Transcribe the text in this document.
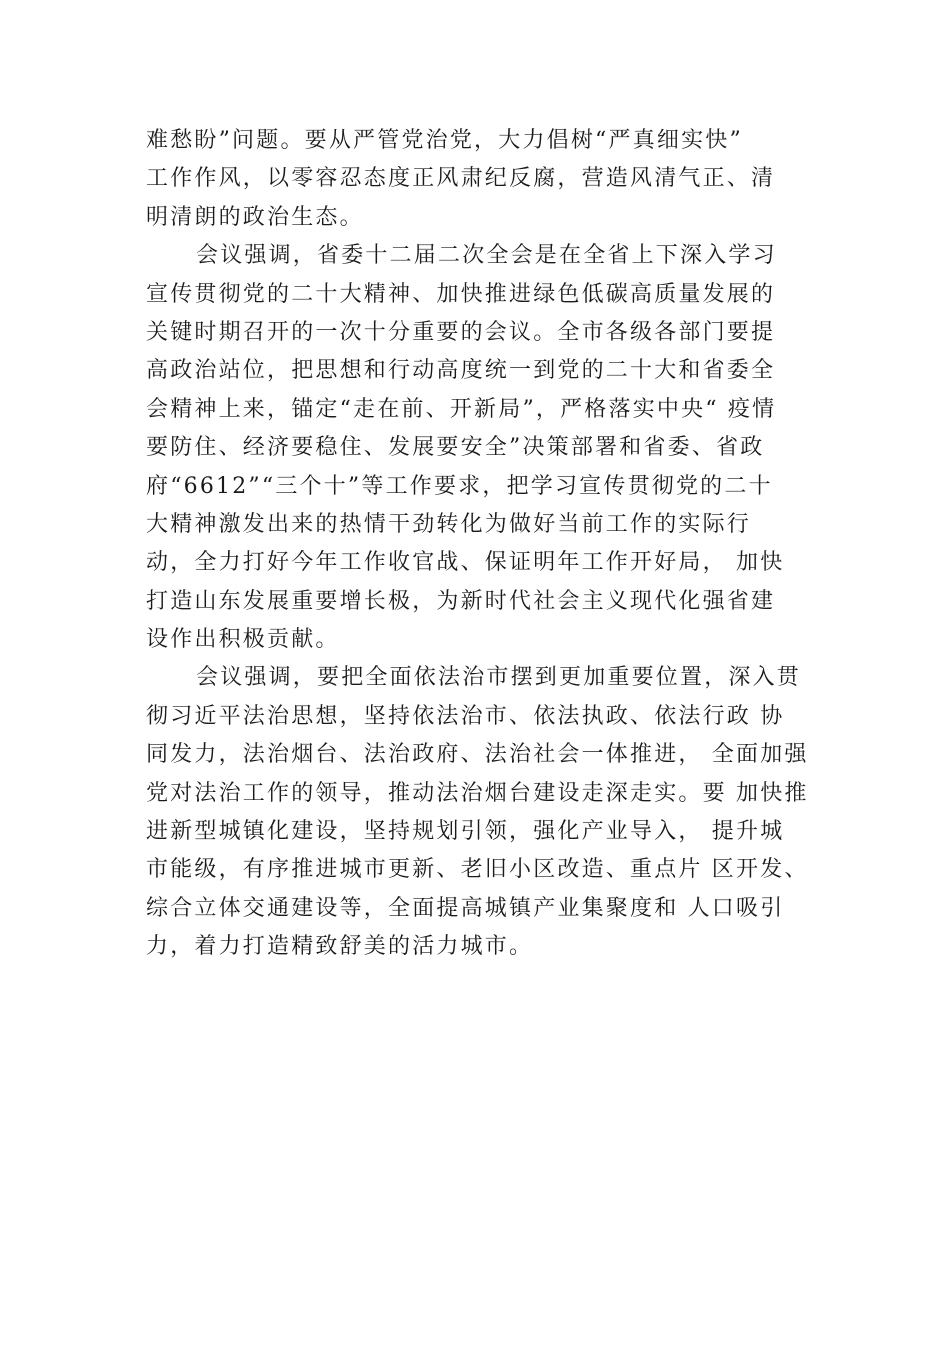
难愁盼”问题。要从严管党治党，大力倡树“严真细实快”
工作作风，以零容忍态度正风肃纪反腐，营造风清气正、清
明清朗的政治生态。
会议强调，省委十二届二次全会是在全省上下深入学习
宣传贯彻党的二十大精神、加快推进绿色低碳高质量发展的
关键时期召开的一次十分重要的会议。全市各级各部门要提
高政治站位，把思想和行动高度统一到党的二十大和省委全
会精神上来，锚定“走在前、开新局”，严格落实中央“ 疫情
要防住、经济要稳住、发展要安全”决策部署和省委、省政
府“6612”“三个十”等工作要求，把学习宣传贯彻党的二十
大精神激发出来的热情干劲转化为做好当前工作的实际行
动，全力打好今年工作收官战、保证明年工作开好局， 加快
打造山东发展重要增长极，为新时代社会主义现代化强省建
设作出积极贡献。
会议强调，要把全面依法治市摆到更加重要位置，深入贯
彻习近平法治思想，坚持依法治市、依法执政、依法行政 协
同发力，法治烟台、法治政府、法治社会一体推进， 全面加强
党对法治工作的领导，推动法治烟台建设走深走实。要 加快推
进新型城镇化建设，坚持规划引领，强化产业导入， 提升城
市能级，有序推进城市更新、老旧小区改造、重点片 区开发、
综合立体交通建设等，全面提高城镇产业集聚度和 人口吸引
力，着力打造精致舒美的活力城市。
